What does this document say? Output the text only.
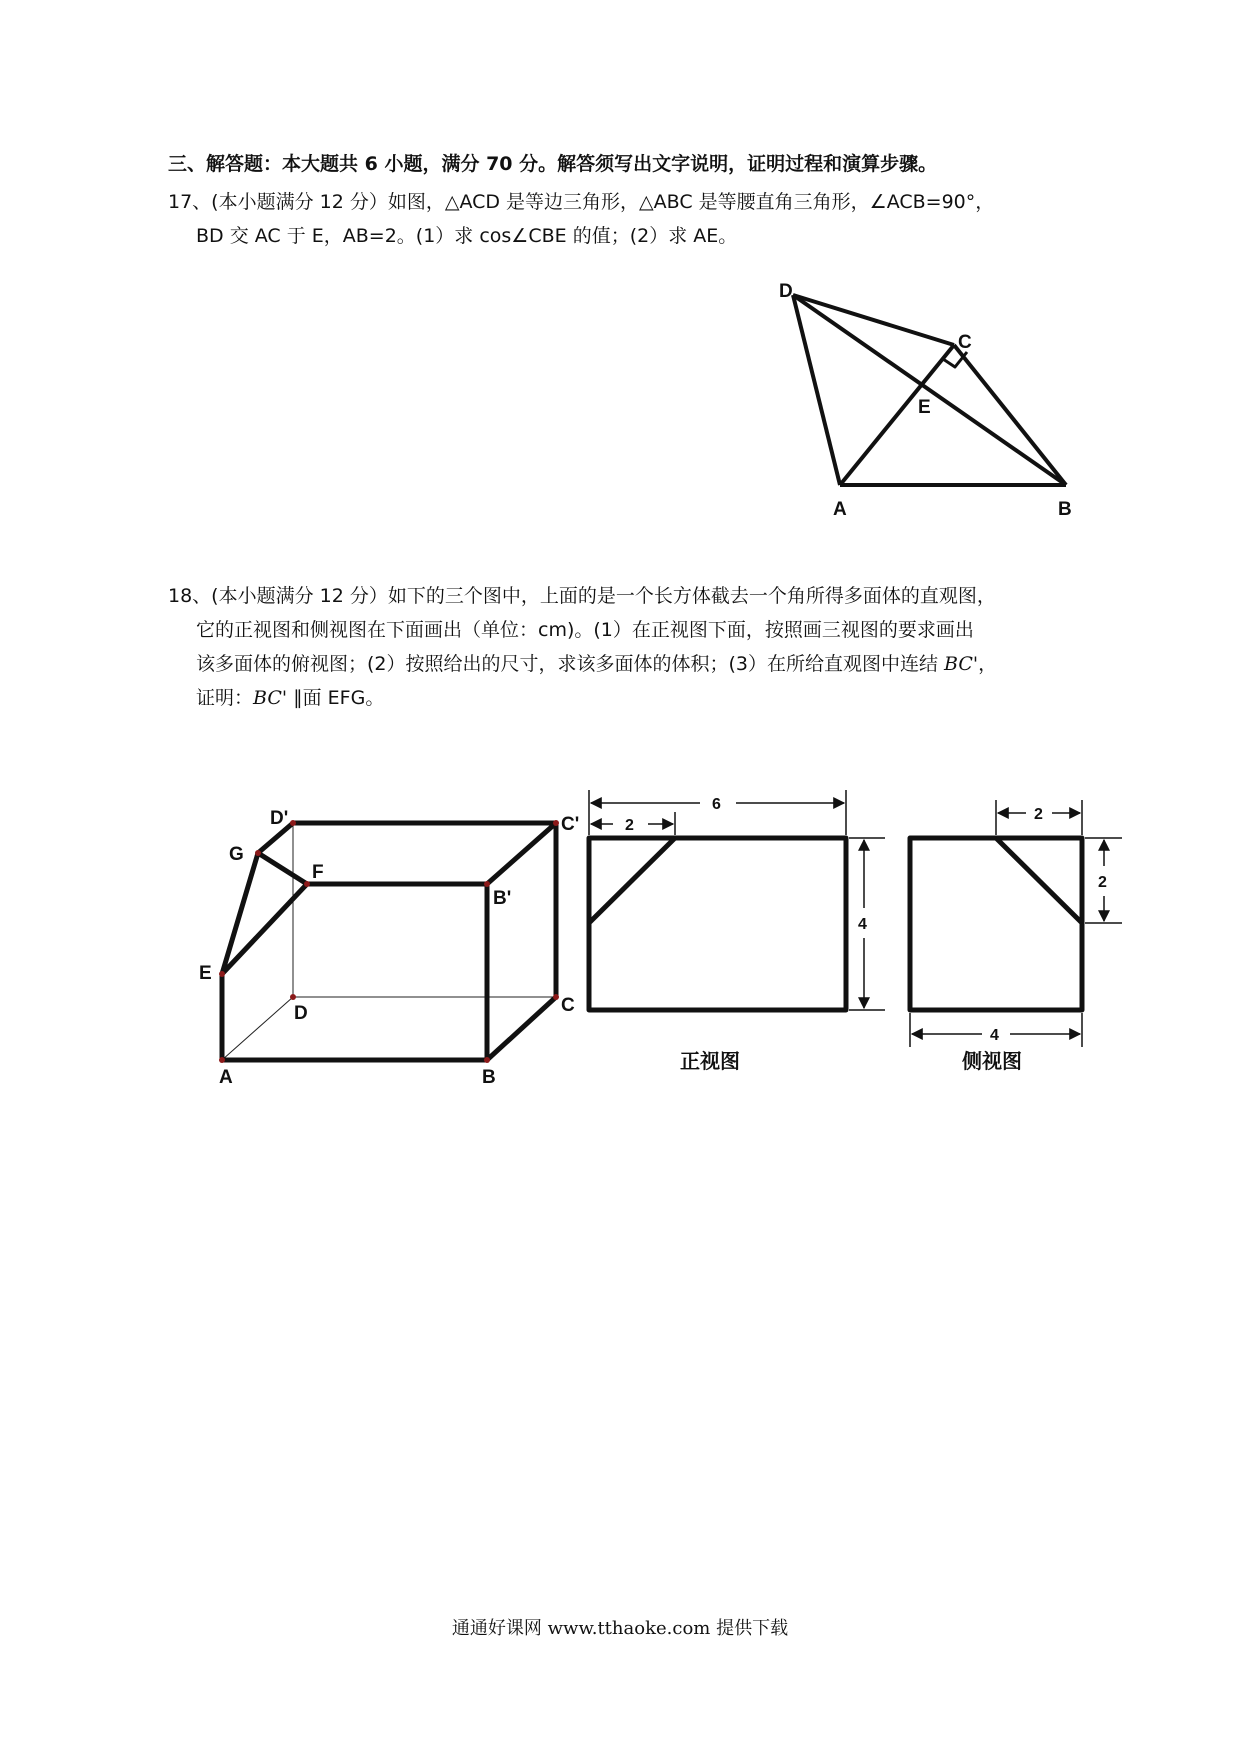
三、解答题：本大题共 6 小题，满分 70 分。解答须写出文字说明，证明过程和演算步骤。
17、(本小题满分 12 分）如图，△ACD 是等边三角形，△ABC 是等腰直角三角形，∠ACB=90°，
BD 交 AC 于 E，AB=2。(1）求 cos∠CBE 的值；(2）求 AE。
18、(本小题满分 12 分）如下的三个图中，上面的是一个长方体截去一个角所得多面体的直观图，
它的正视图和侧视图在下面画出（单位：cm)。(1）在正视图下面，按照画三视图的要求画出
该多面体的俯视图；(2）按照给出的尺寸，求该多面体的体积；(3）在所给直观图中连结 BC'，
证明：BC' ∥面 EFG。
D
C
E
A	B
D'	C'
G
F
B'
E
D	C
A	B
6
2
4
正视图
2
2
4
侧视图
通通好课网 www.tthaoke.com 提供下载
